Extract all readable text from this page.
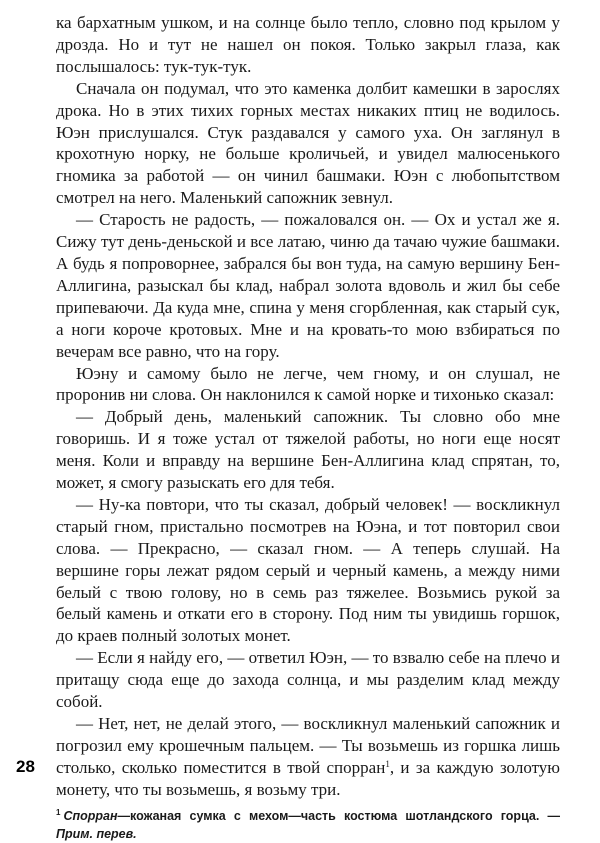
ка бархатным ушком, и на солнце было тепло, словно под крылом у дрозда. Но и тут не нашел он покоя. Только закрыл глаза, как послышалось: тук-тук-тук.

Сначала он подумал, что это каменка долбит камешки в зарослях дрока. Но в этих тихих горных местах никаких птиц не водилось. Юэн прислушался. Стук раздавался у самого уха. Он заглянул в крохотную норку, не больше кроличьей, и увидел малюсенького гномика за работой — он чинил башмаки. Юэн с любопытством смотрел на него. Маленький сапожник зевнул.

— Старость не радость, — пожаловался он. — Ох и устал же я. Сижу тут день-деньской и все латаю, чиню да тачаю чужие башмаки. А будь я попроворнее, забрался бы вон туда, на самую вершину Бен-Аллигина, разыскал бы клад, набрал золота вдоволь и жил бы себе припеваючи. Да куда мне, спина у меня сгорбленная, как старый сук, а ноги короче кротовых. Мне и на кровать-то мою взбираться по вечерам все равно, что на гору.

Юэну и самому было не легче, чем гному, и он слушал, не проронив ни слова. Он наклонился к самой норке и тихонько сказал:

— Добрый день, маленький сапожник. Ты словно обо мне говоришь. И я тоже устал от тяжелой работы, но ноги еще носят меня. Коли и вправду на вершине Бен-Аллигина клад спрятан, то, может, я смогу разыскать его для тебя.

— Ну-ка повтори, что ты сказал, добрый человек! — воскликнул старый гном, пристально посмотрев на Юэна, и тот повторил свои слова. — Прекрасно, — сказал гном. — А теперь слушай. На вершине горы лежат рядом серый и черный камень, а между ними белый с твою голову, но в семь раз тяжелее. Возьмись рукой за белый камень и откати его в сторону. Под ним ты увидишь горшок, до краев полный золотых монет.

— Если я найду его, — ответил Юэн, — то взвалю себе на плечо и притащу сюда еще до захода солнца, и мы разделим клад между собой.

— Нет, нет, не делай этого, — воскликнул маленький сапожник и погрозил ему крошечным пальцем. — Ты возьмешь из горшка лишь столько, сколько поместится в твой спорран$^1$, и за каждую золотую монету, что ты возьмешь, я возьму три.

$^1$ Спорран—кожаная сумка с мехом—часть костюма шотландского горца. — Прим. перев.
28
